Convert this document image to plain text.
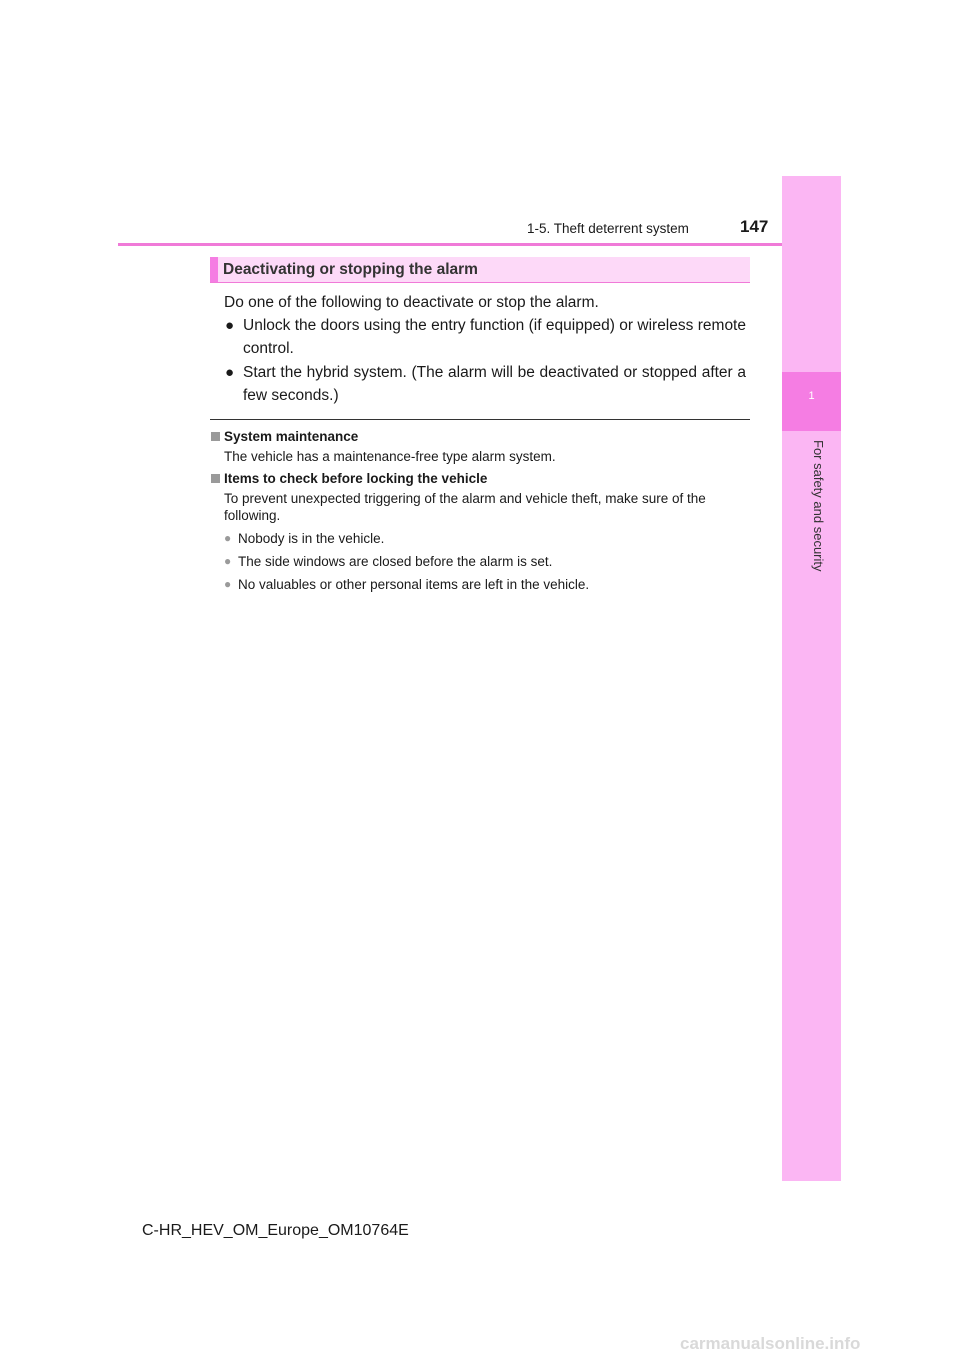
1-5. Theft deterrent system	147
1
For safety and security
Deactivating or stopping the alarm
Do one of the following to deactivate or stop the alarm.
● Unlock the doors using the entry function (if equipped) or wireless remote control.
● Start the hybrid system. (The alarm will be deactivated or stopped after a few seconds.)
System maintenance
The vehicle has a maintenance-free type alarm system.
Items to check before locking the vehicle
To prevent unexpected triggering of the alarm and vehicle theft, make sure of the following.
● Nobody is in the vehicle.
● The side windows are closed before the alarm is set.
● No valuables or other personal items are left in the vehicle.
C-HR_HEV_OM_Europe_OM10764E
carmanualsonline.info
